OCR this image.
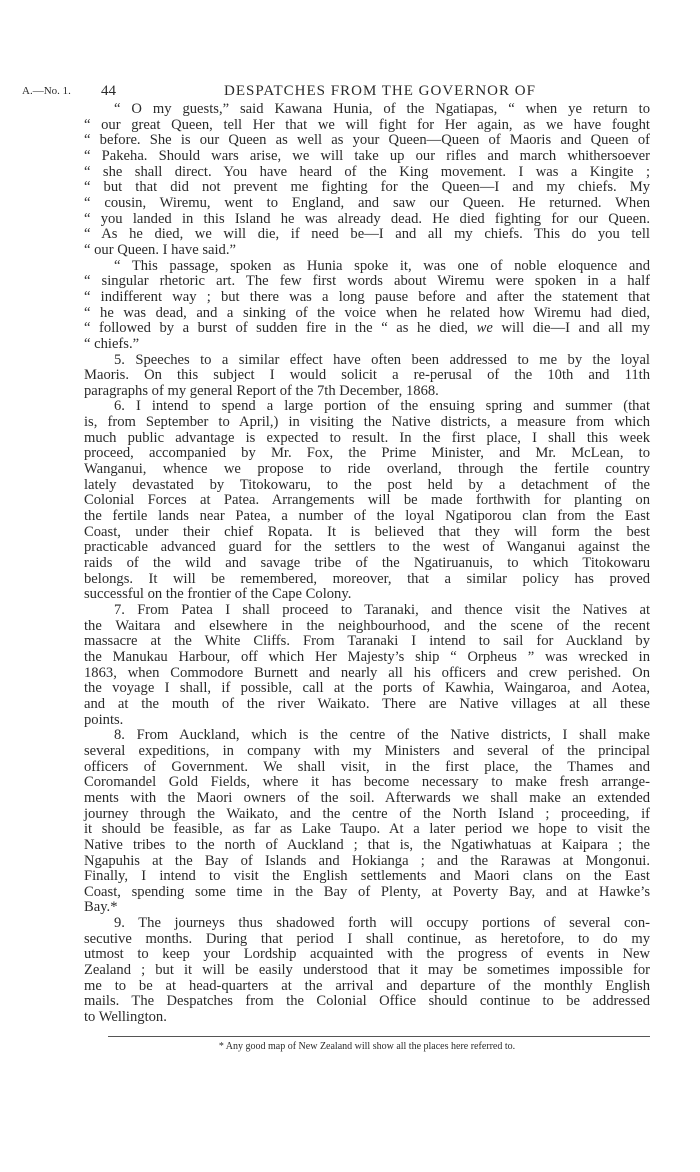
A.—No. 1. 44	DESPATCHES FROM THE GOVERNOR OF
“ O my guests,” said Kawana Hunia, of the Ngatiapas, “ when ye return to
“ our great Queen, tell Her that we will fight for Her again, as we have fought
“ before. She is our Queen as well as your Queen—Queen of Maoris and Queen of
“ Pakeha. Should wars arise, we will take up our rifles and march whithersoever
“ she shall direct. You have heard of the King movement. I was a Kingite ;
“ but that did not prevent me fighting for the Queen—I and my chiefs. My
“ cousin, Wiremu, went to England, and saw our Queen. He returned. When
“ you landed in this Island he was already dead. He died fighting for our Queen.
“ As he died, we will die, if need be—I and all my chiefs. This do you tell
“ our Queen. I have said.”
“ This passage, spoken as Hunia spoke it, was one of noble eloquence and
“ singular rhetoric art. The few first words about Wiremu were spoken in a half
“ indifferent way ; but there was a long pause before and after the statement that
“ he was dead, and a sinking of the voice when he related how Wiremu had died,
“ followed by a burst of sudden fire in the “ as he died, we will die—I and all my
“ chiefs.”
5. Speeches to a similar effect have often been addressed to me by the loyal
Maoris. On this subject I would solicit a re-perusal of the 10th and 11th
paragraphs of my general Report of the 7th December, 1868.
6. I intend to spend a large portion of the ensuing spring and summer (that
is, from September to April,) in visiting the Native districts, a measure from which
much public advantage is expected to result. In the first place, I shall this week
proceed, accompanied by Mr. Fox, the Prime Minister, and Mr. McLean, to
Wanganui, whence we propose to ride overland, through the fertile country
lately devastated by Titokowaru, to the post held by a detachment of the
Colonial Forces at Patea. Arrangements will be made forthwith for planting on
the fertile lands near Patea, a number of the loyal Ngatiporou clan from the East
Coast, under their chief Ropata. It is believed that they will form the best
practicable advanced guard for the settlers to the west of Wanganui against the
raids of the wild and savage tribe of the Ngatiruanuis, to which Titokowaru
belongs. It will be remembered, moreover, that a similar policy has proved
successful on the frontier of the Cape Colony.
7. From Patea I shall proceed to Taranaki, and thence visit the Natives at
the Waitara and elsewhere in the neighbourhood, and the scene of the recent
massacre at the White Cliffs. From Taranaki I intend to sail for Auckland by
the Manukau Harbour, off which Her Majesty’s ship “ Orpheus ” was wrecked in
1863, when Commodore Burnett and nearly all his officers and crew perished. On
the voyage I shall, if possible, call at the ports of Kawhia, Waingaroa, and Aotea,
and at the mouth of the river Waikato. There are Native villages at all these
points.
8. From Auckland, which is the centre of the Native districts, I shall make
several expeditions, in company with my Ministers and several of the principal
officers of Government. We shall visit, in the first place, the Thames and
Coromandel Gold Fields, where it has become necessary to make fresh arrange-
ments with the Maori owners of the soil. Afterwards we shall make an extended
journey through the Waikato, and the centre of the North Island ; proceeding, if
it should be feasible, as far as Lake Taupo. At a later period we hope to visit the
Native tribes to the north of Auckland ; that is, the Ngatiwhatuas at Kaipara ; the
Ngapuhis at the Bay of Islands and Hokianga ; and the Rarawas at Mongonui.
Finally, I intend to visit the English settlements and Maori clans on the East
Coast, spending some time in the Bay of Plenty, at Poverty Bay, and at Hawke’s
Bay.*
9. The journeys thus shadowed forth will occupy portions of several con-
secutive months. During that period I shall continue, as heretofore, to do my
utmost to keep your Lordship acquainted with the progress of events in New
Zealand ; but it will be easily understood that it may be sometimes impossible for
me to be at head-quarters at the arrival and departure of the monthly English
mails. The Despatches from the Colonial Office should continue to be addressed
to Wellington.
* Any good map of New Zealand will show all the places here referred to.
